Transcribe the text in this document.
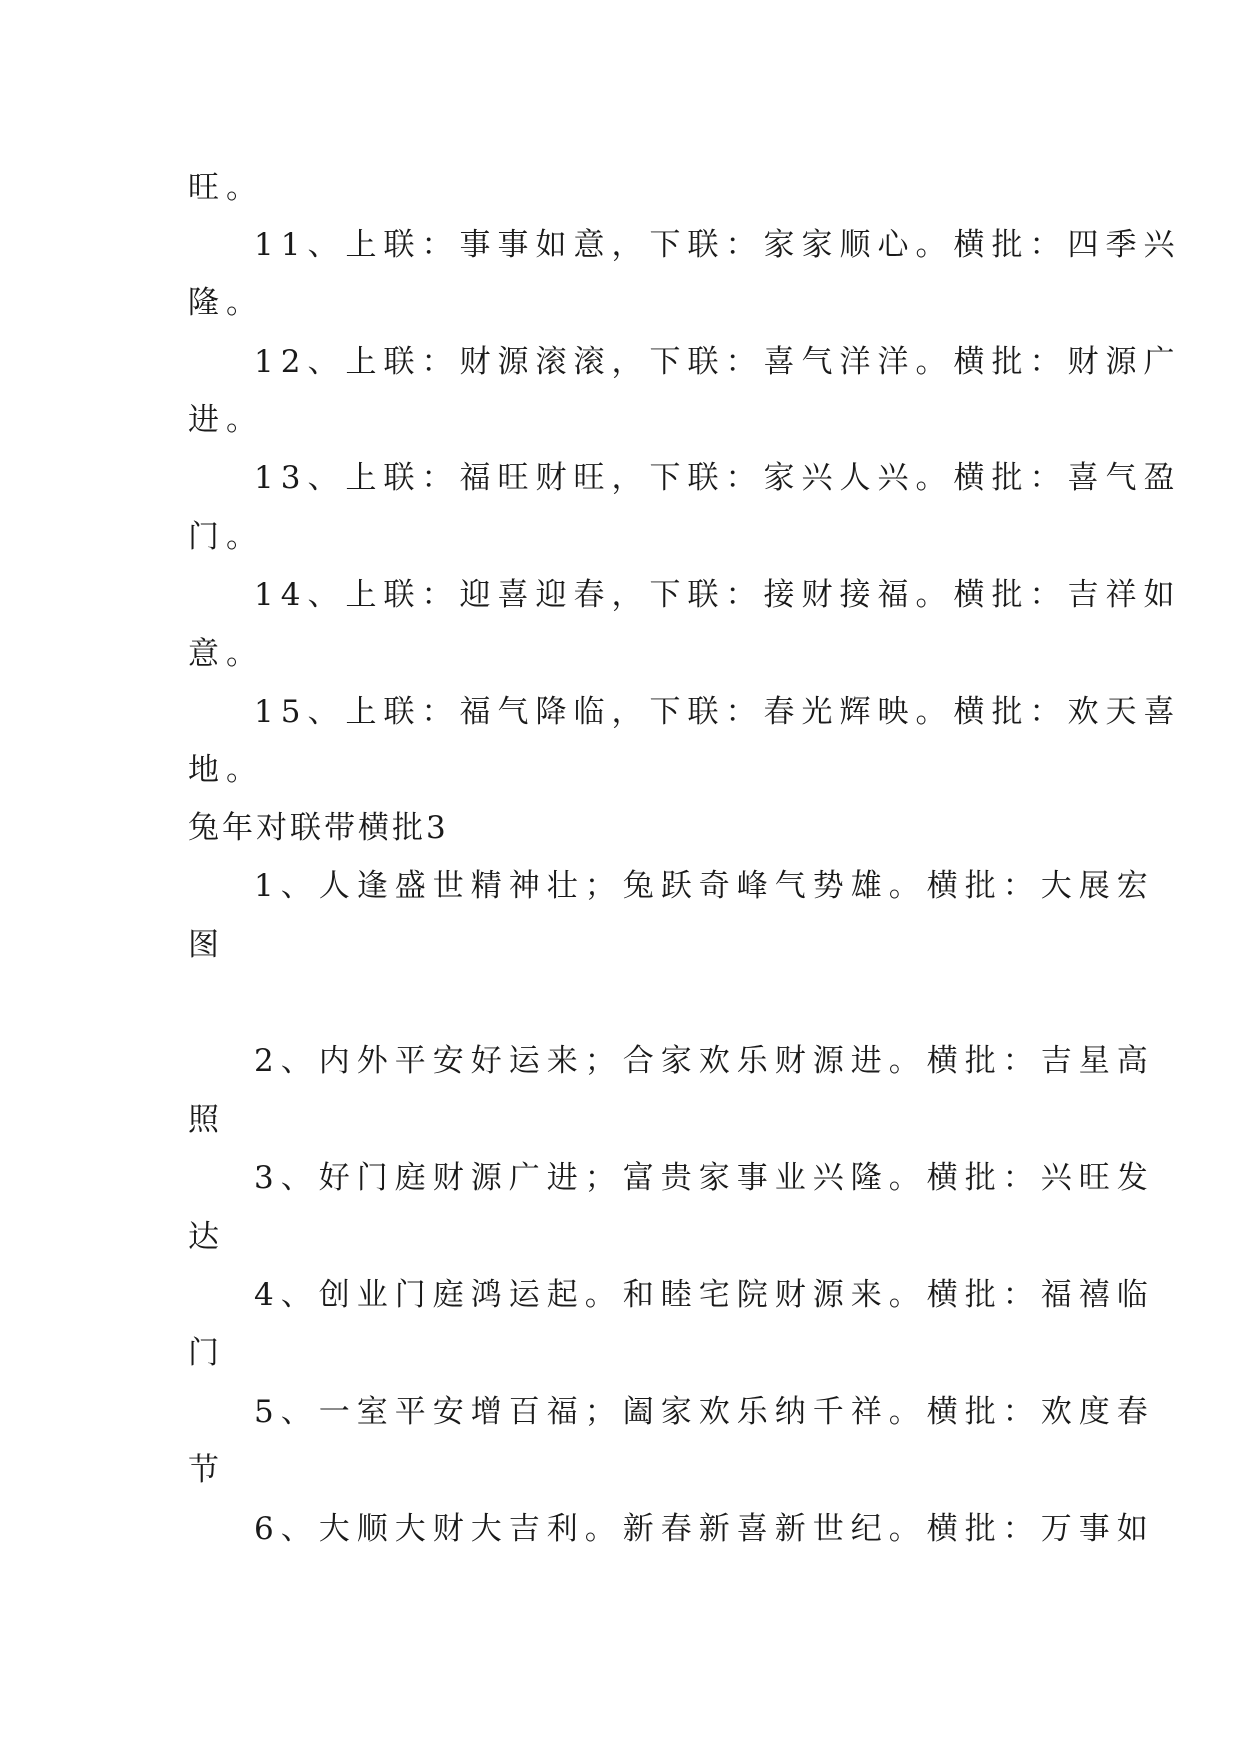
旺。
11、上联：事事如意，下联：家家顺心。横批：四季兴
隆。
12、上联：财源滚滚，下联：喜气洋洋。横批：财源广
进。
13、上联：福旺财旺，下联：家兴人兴。横批：喜气盈
门。
14、上联：迎喜迎春，下联：接财接福。横批：吉祥如
意。
15、上联：福气降临，下联：春光辉映。横批：欢天喜
地。
兔年对联带横批3
1、人逢盛世精神壮；兔跃奇峰气势雄。横批：大展宏
图
2、内外平安好运来；合家欢乐财源进。横批：吉星高
照
3、好门庭财源广进；富贵家事业兴隆。横批：兴旺发
达
4、创业门庭鸿运起。和睦宅院财源来。横批：福禧临
门
5、一室平安增百福；阖家欢乐纳千祥。横批：欢度春
节
6、大顺大财大吉利。新春新喜新世纪。横批：万事如
